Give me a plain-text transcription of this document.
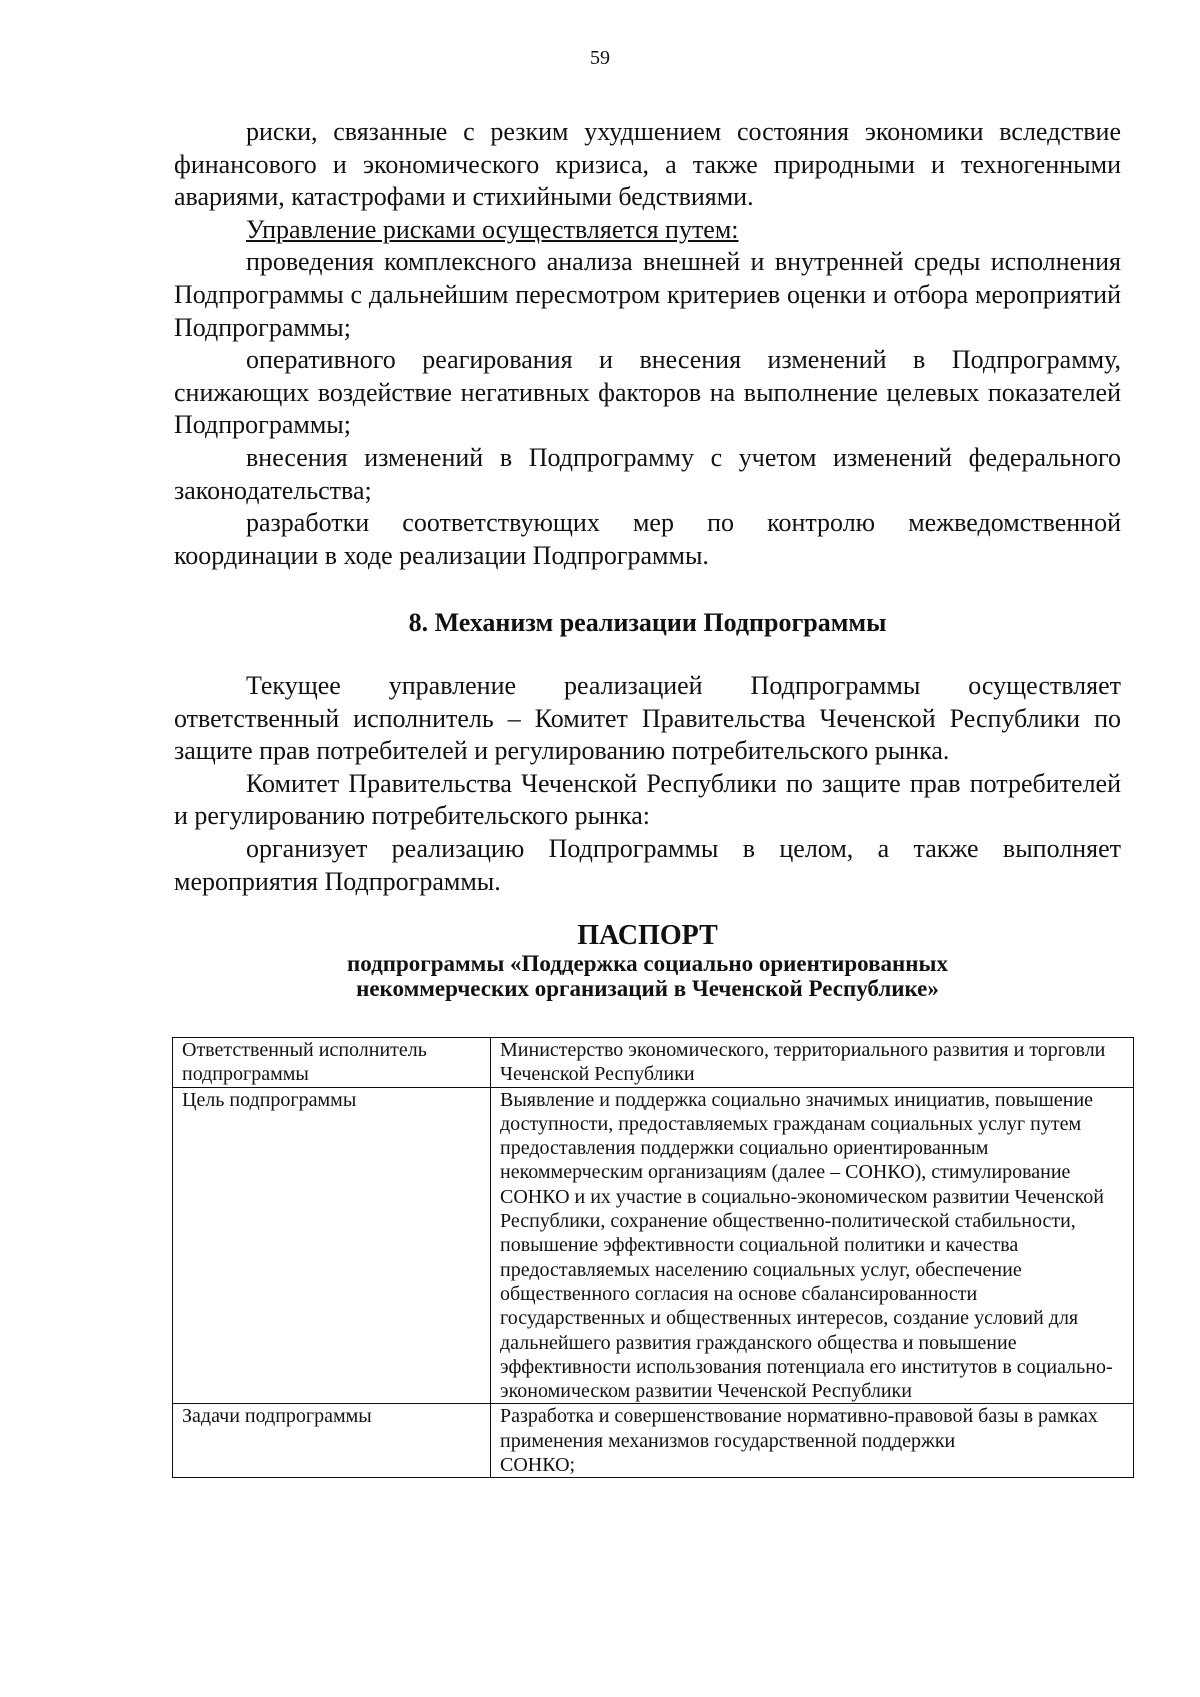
59

риски, связанные с резким ухудшением состояния экономики вследствие финансового и экономического кризиса, а также природными и техногенными авариями, катастрофами и стихийными бедствиями.

Управление рисками осуществляется путем:

проведения комплексного анализа внешней и внутренней среды исполнения Подпрограммы с дальнейшим пересмотром критериев оценки и отбора мероприятий Подпрограммы;

оперативного реагирования и внесения изменений в Подпрограмму, снижающих воздействие негативных факторов на выполнение целевых показателей Подпрограммы;

внесения изменений в Подпрограмму с учетом изменений федерального законодательства;

разработки соответствующих мер по контролю межведомственной координации в ходе реализации Подпрограммы.

8. Механизм реализации Подпрограммы

Текущее управление реализацией Подпрограммы осуществляет ответственный исполнитель – Комитет Правительства Чеченской Республики по защите прав потребителей и регулированию потребительского рынка.

Комитет Правительства Чеченской Республики по защите прав потребителей и регулированию потребительского рынка:

организует реализацию Подпрограммы в целом, а также выполняет мероприятия Подпрограммы.

ПАСПОРТ
подпрограммы «Поддержка социально ориентированных
некоммерческих организаций в Чеченской Республике»
Ответственный исполнитель подпрограммы	Министерство экономического, территориального развития и торговли Чеченской Республики
Цель подпрограммы	Выявление и поддержка социально значимых инициатив, повышение доступности, предоставляемых гражданам социальных услуг путем предоставления поддержки социально ориентированным некоммерческим организациям (далее – СОНКО), стимулирование СОНКО и их участие в социально-экономическом развитии Чеченской Республики, сохранение общественно-политической стабильности, повышение эффективности социальной политики и качества предоставляемых населению социальных услуг, обеспечение общественного согласия на основе сбалансированности государственных и общественных интересов, создание условий для дальнейшего развития гражданского общества и повышение эффективности использования потенциала его институтов в социально-экономическом развитии Чеченской Республики
Задачи подпрограммы	Разработка и совершенствование нормативно-правовой базы в рамках применения механизмов государственной поддержки
СОНКО;
